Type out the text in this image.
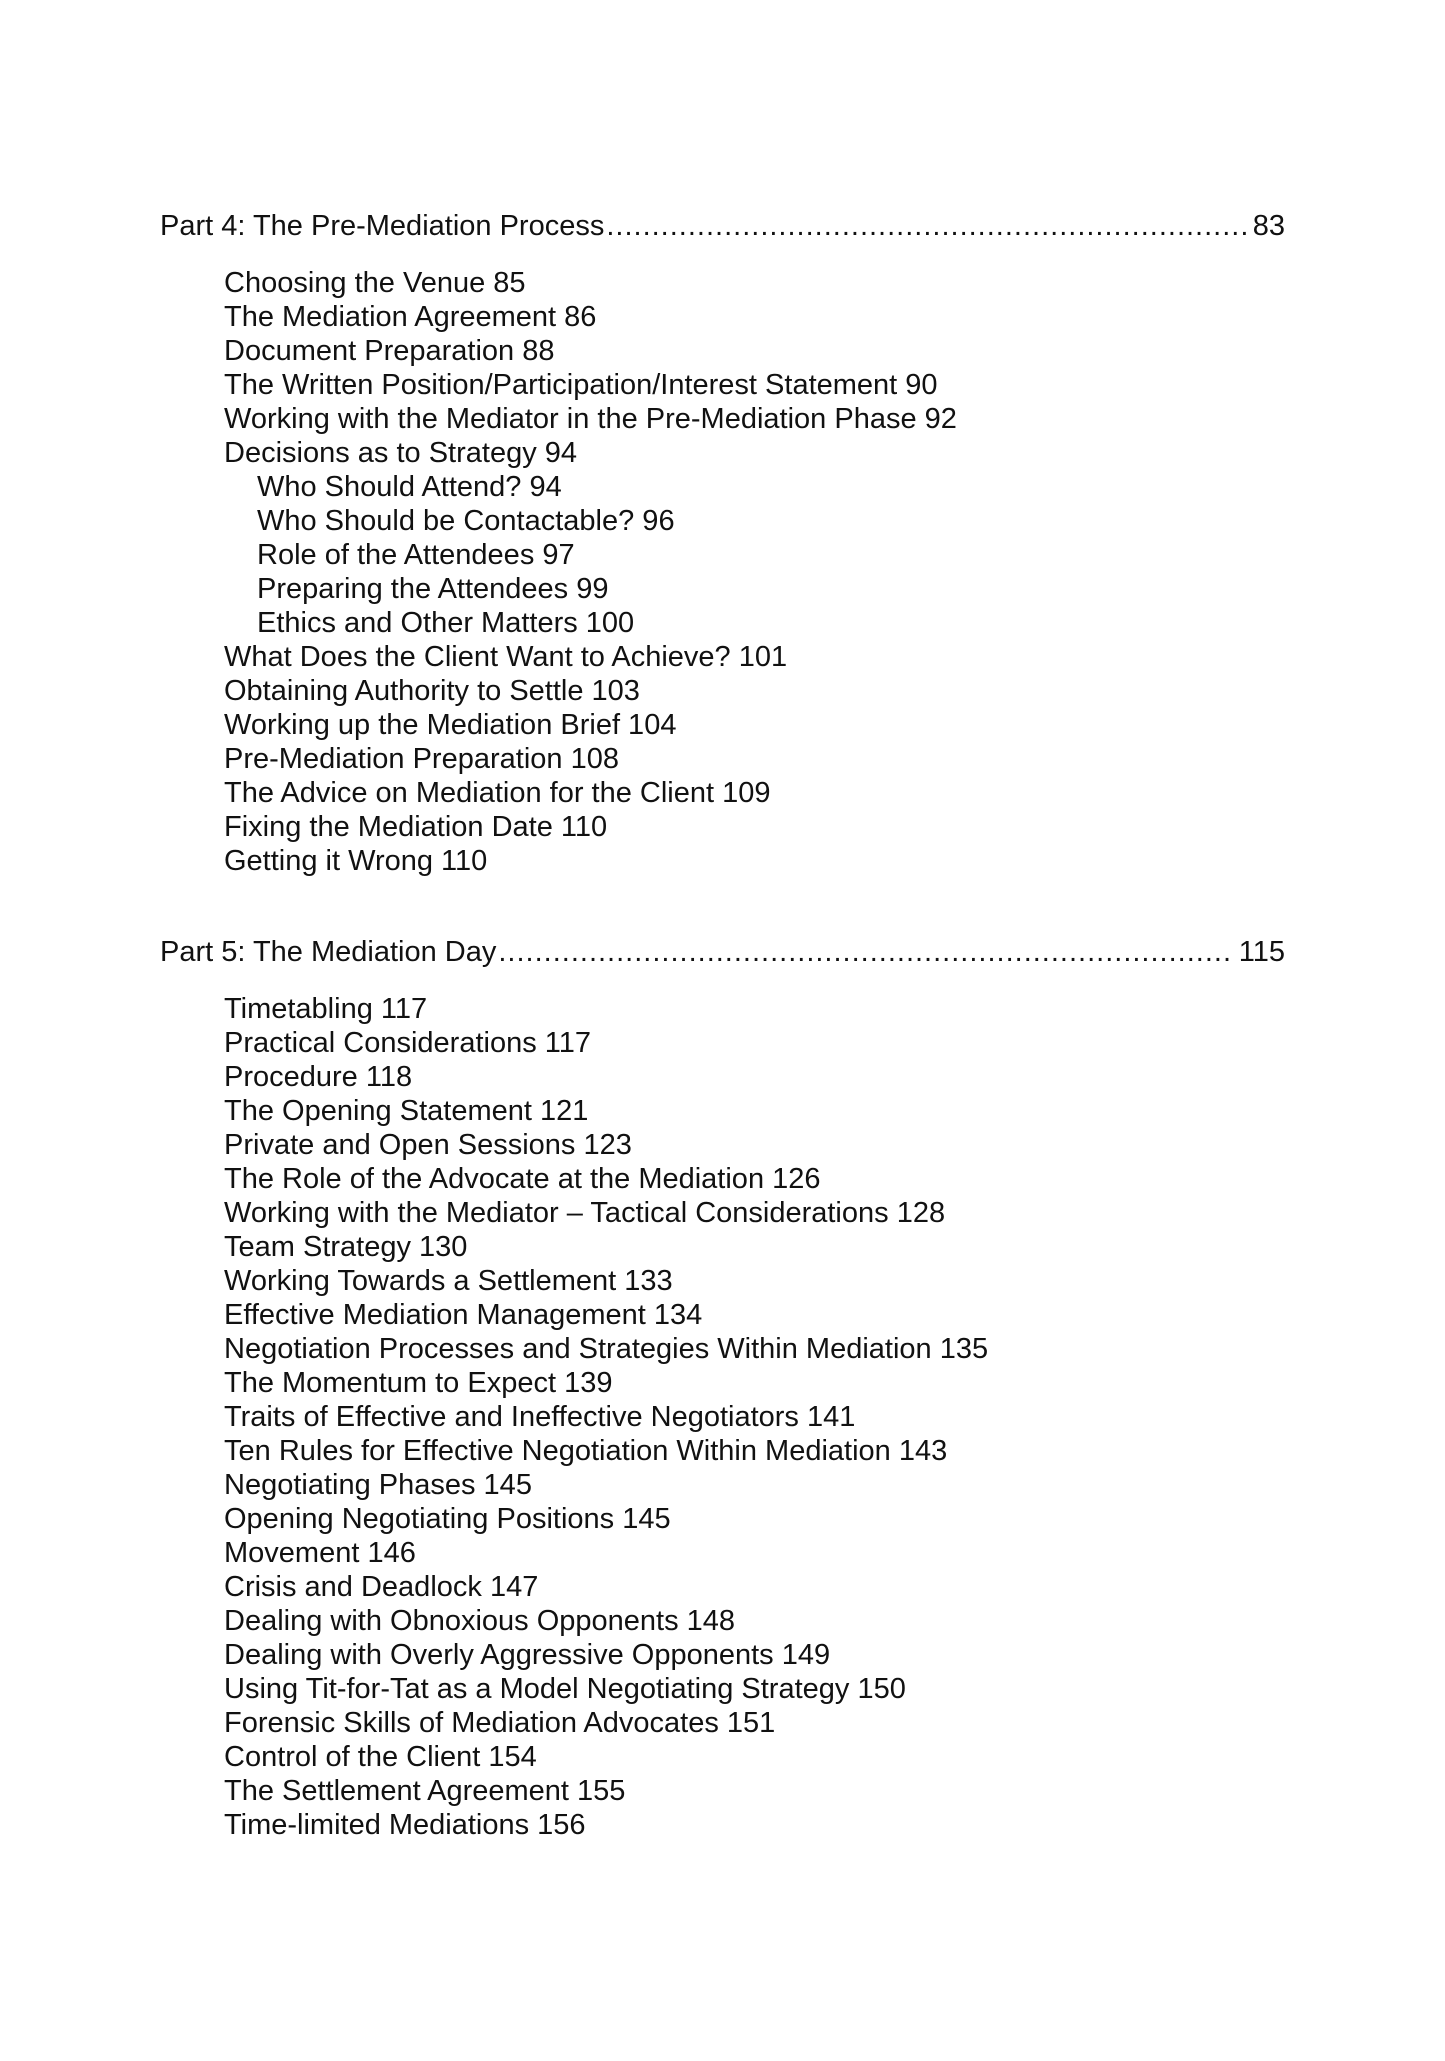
Part 4: The Pre-Mediation Process .....	83
Choosing the Venue 85
The Mediation Agreement 86
Document Preparation 88
The Written Position/Participation/Interest Statement 90
Working with the Mediator in the Pre-Mediation Phase 92
Decisions as to Strategy 94
Who Should Attend? 94
Who Should be Contactable? 96
Role of the Attendees 97
Preparing the Attendees 99
Ethics and Other Matters 100
What Does the Client Want to Achieve? 101
Obtaining Authority to Settle 103
Working up the Mediation Brief 104
Pre-Mediation Preparation 108
The Advice on Mediation for the Client 109
Fixing the Mediation Date 110
Getting it Wrong 110
Part 5: The Mediation Day .....	115
Timetabling 117
Practical Considerations 117
Procedure 118
The Opening Statement 121
Private and Open Sessions 123
The Role of the Advocate at the Mediation 126
Working with the Mediator – Tactical Considerations 128
Team Strategy 130
Working Towards a Settlement 133
Effective Mediation Management 134
Negotiation Processes and Strategies Within Mediation 135
The Momentum to Expect 139
Traits of Effective and Ineffective Negotiators 141
Ten Rules for Effective Negotiation Within Mediation 143
Negotiating Phases 145
Opening Negotiating Positions 145
Movement 146
Crisis and Deadlock 147
Dealing with Obnoxious Opponents 148
Dealing with Overly Aggressive Opponents 149
Using Tit-for-Tat as a Model Negotiating Strategy 150
Forensic Skills of Mediation Advocates 151
Control of the Client 154
The Settlement Agreement 155
Time-limited Mediations 156
